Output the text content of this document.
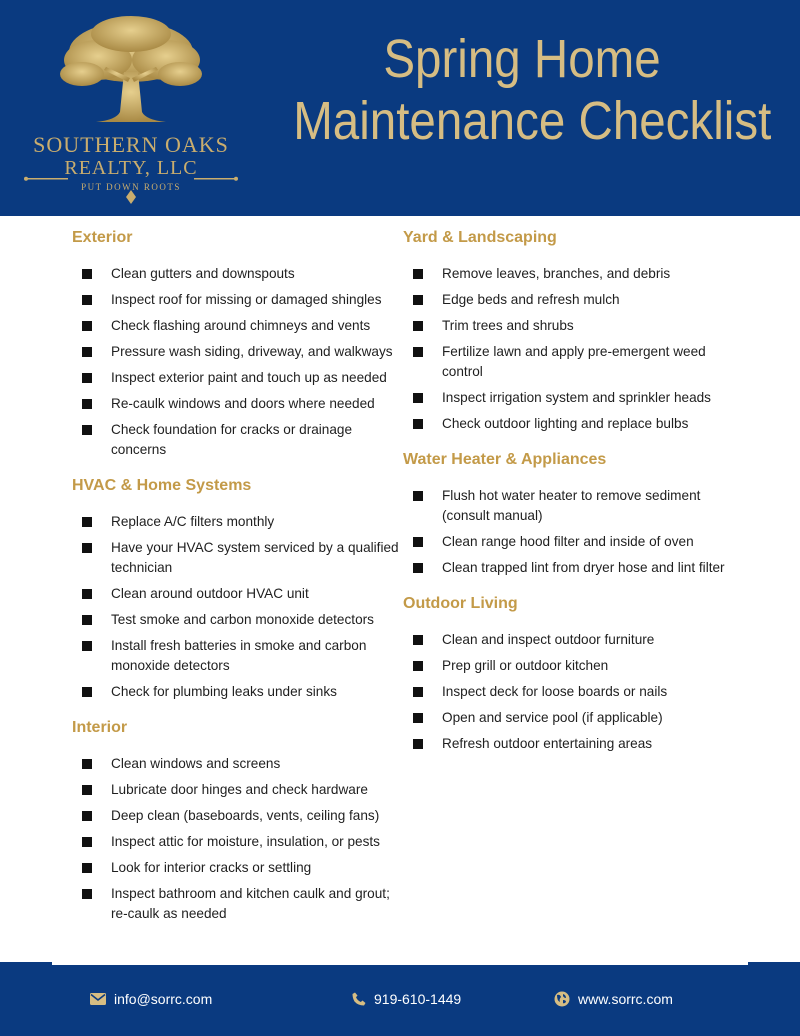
SOUTHERN OAKS
REALTY, LLC
PUT DOWN ROOTS
Spring Home
Maintenance Checklist
Exterior
Clean gutters and downspouts
Inspect roof for missing or damaged shingles
Check flashing around chimneys and vents
Pressure wash siding, driveway, and walkways
Inspect exterior paint and touch up as needed
Re-caulk windows and doors where needed
Check foundation for cracks or drainage concerns
HVAC & Home Systems
Replace A/C filters monthly
Have your HVAC system serviced by a qualified technician
Clean around outdoor HVAC unit
Test smoke and carbon monoxide detectors
Install fresh batteries in smoke and carbon monoxide detectors
Check for plumbing leaks under sinks
Interior
Clean windows and screens
Lubricate door hinges and check hardware
Deep clean (baseboards, vents, ceiling fans)
Inspect attic for moisture, insulation, or pests
Look for interior cracks or settling
Inspect bathroom and kitchen caulk and grout; re-caulk as needed
Yard & Landscaping
Remove leaves, branches, and debris
Edge beds and refresh mulch
Trim trees and shrubs
Fertilize lawn and apply pre-emergent weed control
Inspect irrigation system and sprinkler heads
Check outdoor lighting and replace bulbs
Water Heater & Appliances
Flush hot water heater to remove sediment (consult manual)
Clean range hood filter and inside of oven
Clean trapped lint from dryer hose and lint filter
Outdoor Living
Clean and inspect outdoor furniture
Prep grill or outdoor kitchen
Inspect deck for loose boards or nails
Open and service pool (if applicable)
Refresh outdoor entertaining areas
info@sorrc.com	919-610-1449	www.sorrc.com
